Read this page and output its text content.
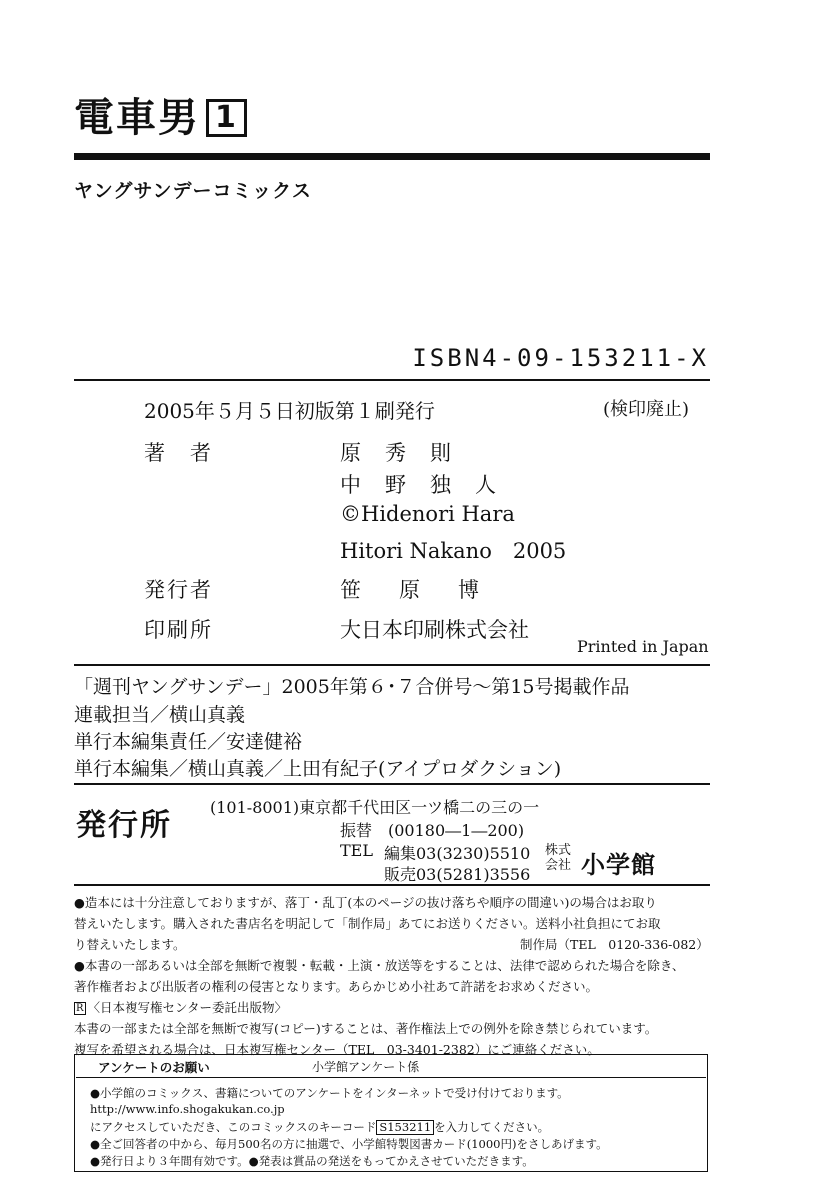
電車男 1
ヤングサンデーコミックス
ISBN4-09-153211-X
2005年５月５日初版第１刷発行	(検印廃止)
著　者	原秀則
中野独人
©Hidenori Hara
Hitori Nakano　2005
発行者	笹原博
印刷所	大日本印刷株式会社
Printed in Japan
「週刊ヤングサンデー」2005年第６･７合併号～第15号掲載作品
連載担当／横山真義
単行本編集責任／安達健裕
単行本編集／横山真義／上田有紀子(アイプロダクション)
発行所
(101-8001)東京都千代田区一ツ橋二の三の一
振替　(00180―1―200)
TEL 編集03(3230)5510
販売03(5281)3556
株式会社 小学館
●造本には十分注意しておりますが、落丁・乱丁(本のページの抜け落ちや順序の間違い)の場合はお取り
替えいたします。購入された書店名を明記して「制作局」あてにお送りください。送料小社負担にてお取
り替えいたします。	制作局（TEL　0120-336-082）
●本書の一部あるいは全部を無断で複製・転載・上演・放送等をすることは、法律で認められた場合を除き、
著作権者および出版者の権利の侵害となります。あらかじめ小社あて許諾をお求めください。
R 〈日本複写権センター委託出版物〉
本書の一部または全部を無断で複写(コピー)することは、著作権法上での例外を除き禁じられています。
複写を希望される場合は、日本複写権センター（TEL　03-3401-2382）にご連絡ください。
アンケートのお願い	小学館アンケート係
●小学館のコミックス、書籍についてのアンケートをインターネットで受け付けております。
http://www.info.shogakukan.co.jp
にアクセスしていただき、このコミックスのキーコード S153211 を入力してください。
●全ご回答者の中から、毎月500名の方に抽選で、小学館特製図書カード(1000円)をさしあげます。
●発行日より３年間有効です。●発表は賞品の発送をもってかえさせていただきます。
